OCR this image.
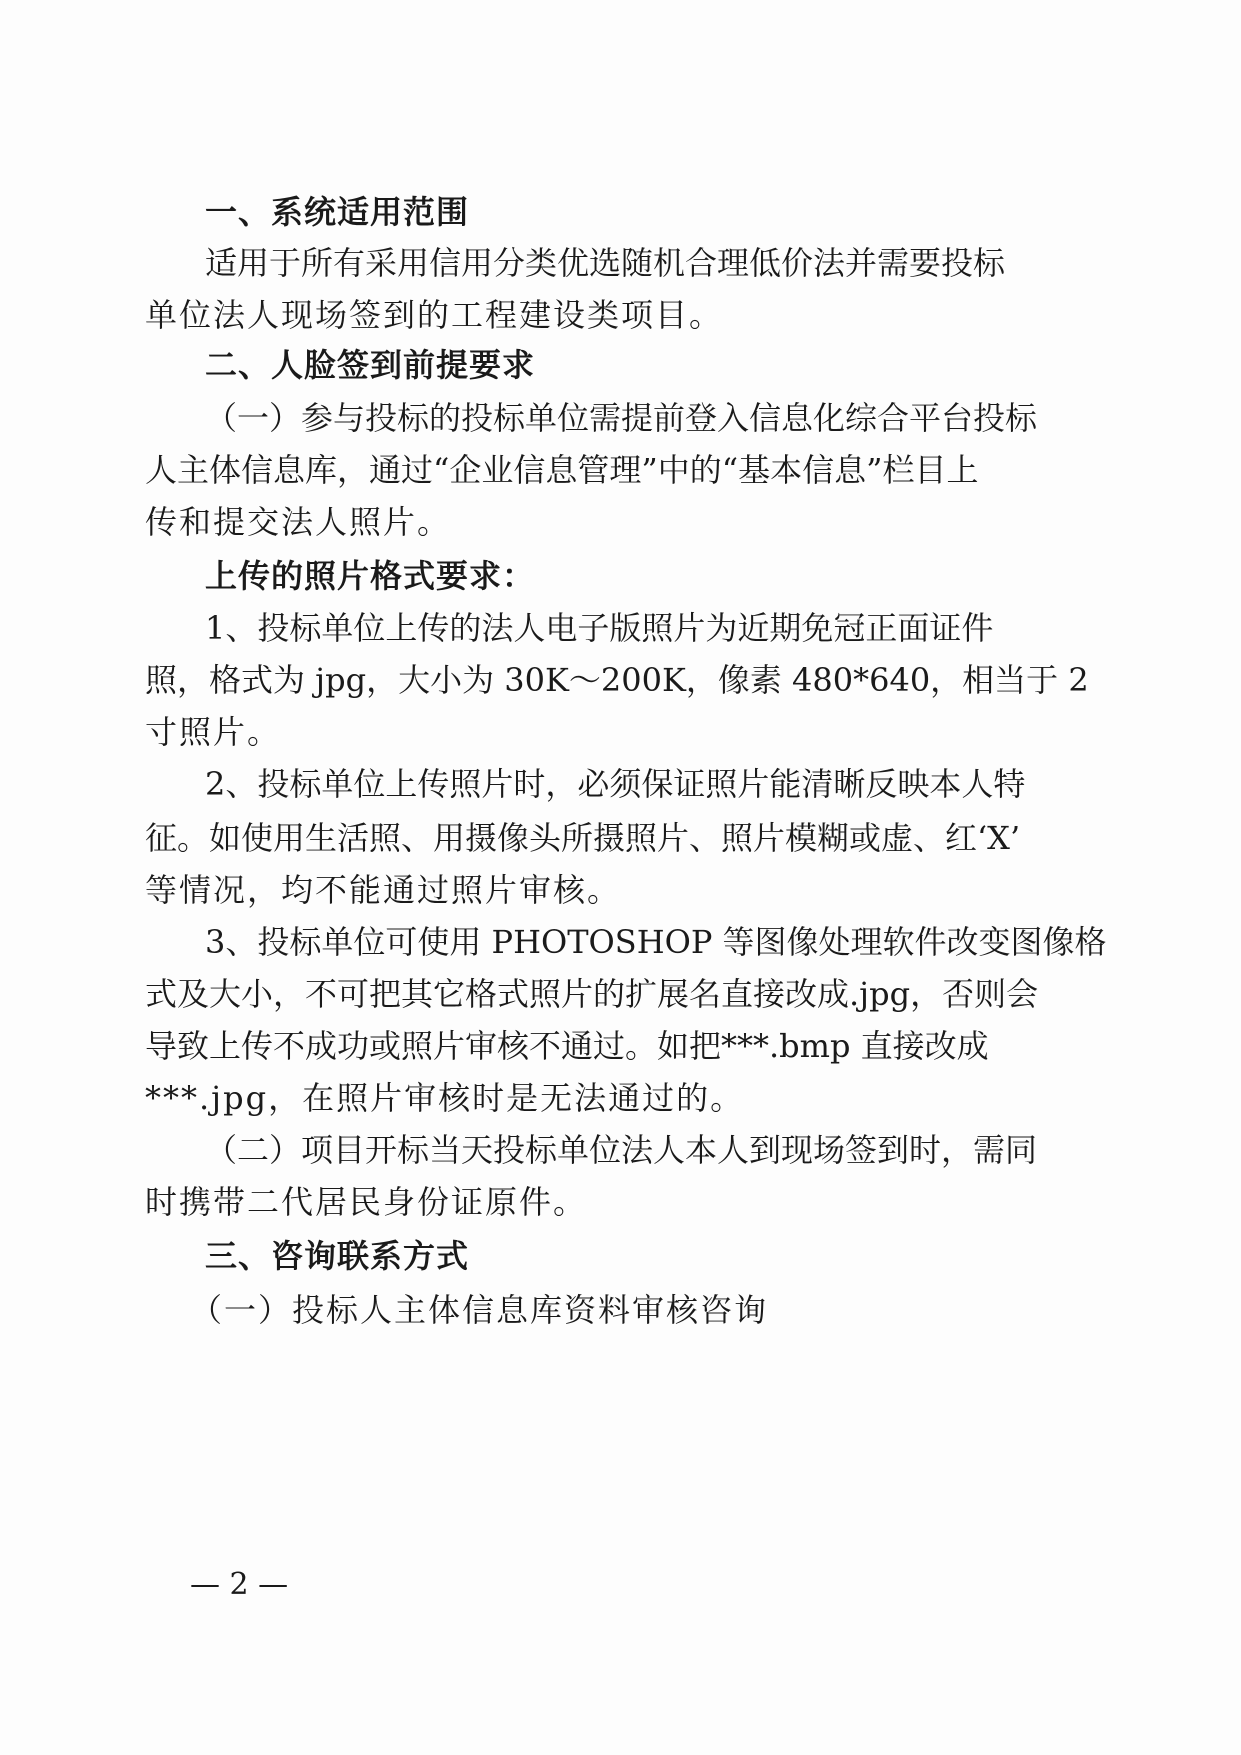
一、系统适用范围
适用于所有采用信用分类优选随机合理低价法并需要投标
单位法人现场签到的工程建设类项目。
二、人脸签到前提要求
（一）参与投标的投标单位需提前登入信息化综合平台投标
人主体信息库，通过“企业信息管理”中的“基本信息”栏目上
传和提交法人照片。
上传的照片格式要求：
1、投标单位上传的法人电子版照片为近期免冠正面证件
照，格式为 jpg，大小为 30K～200K，像素 480*640，相当于 2
寸照片。
2、投标单位上传照片时，必须保证照片能清晰反映本人特
征。如使用生活照、用摄像头所摄照片、照片模糊或虚、红‘X’
等情况，均不能通过照片审核。
3、投标单位可使用 PHOTOSHOP 等图像处理软件改变图像格
式及大小，不可把其它格式照片的扩展名直接改成.jpg，否则会
导致上传不成功或照片审核不通过。如把***.bmp 直接改成
***.jpg，在照片审核时是无法通过的。
（二）项目开标当天投标单位法人本人到现场签到时，需同
时携带二代居民身份证原件。
三、咨询联系方式
（一）投标人主体信息库资料审核咨询
— 2 —
